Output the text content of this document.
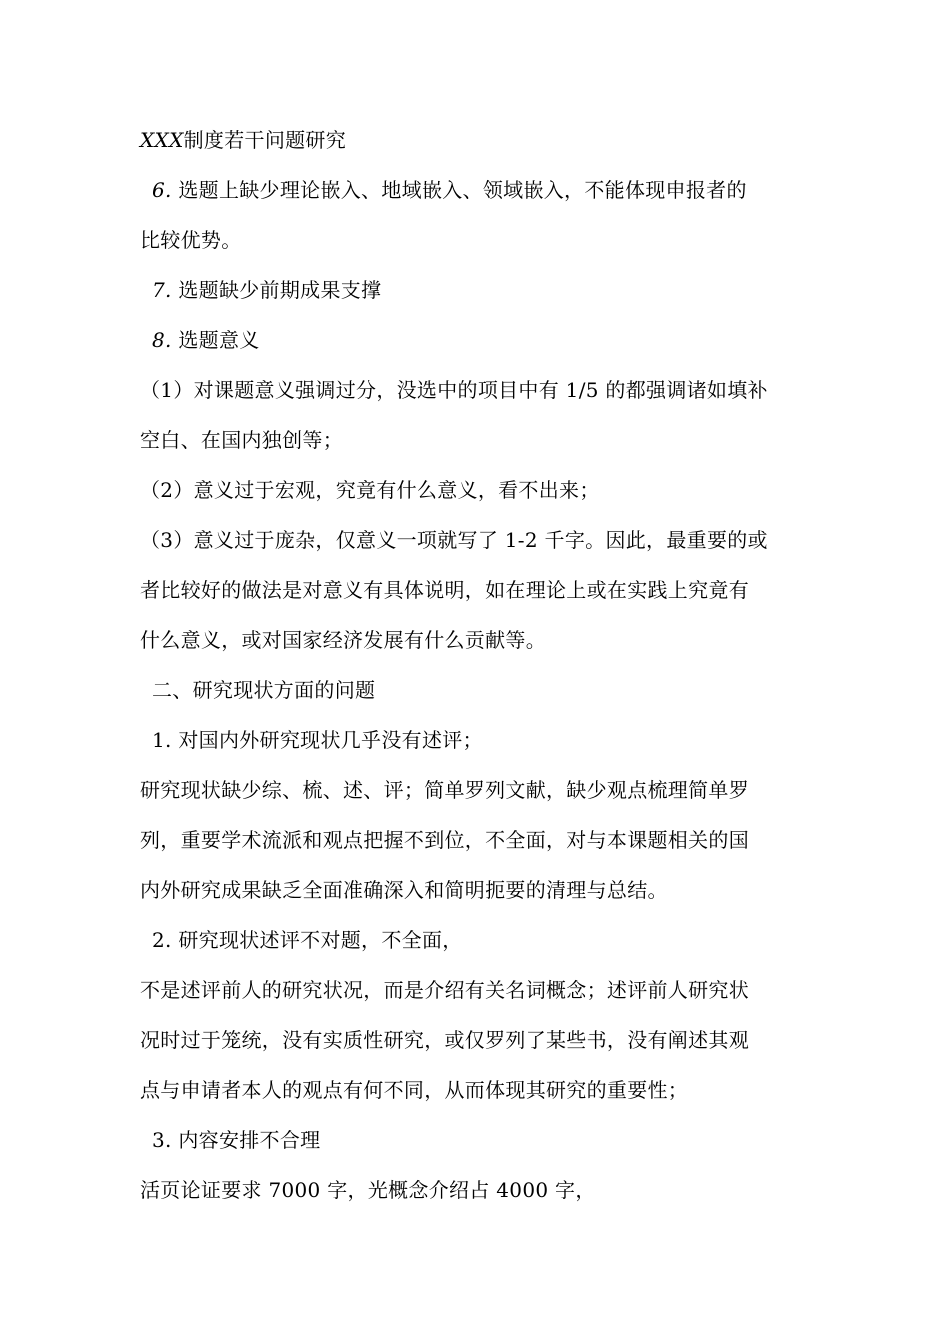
XXX制度若干问题研究
6. 选题上缺少理论嵌入、地域嵌入、领域嵌入，不能体现申报者的
比较优势。
7. 选题缺少前期成果支撑
8. 选题意义
（1）对课题意义强调过分，没选中的项目中有 1/5 的都强调诸如填补
空白、在国内独创等；
（2）意义过于宏观，究竟有什么意义，看不出来；
（3）意义过于庞杂，仅意义一项就写了 1-2 千字。因此，最重要的或
者比较好的做法是对意义有具体说明，如在理论上或在实践上究竟有
什么意义，或对国家经济发展有什么贡献等。
二、研究现状方面的问题
1. 对国内外研究现状几乎没有述评；
研究现状缺少综、梳、述、评；简单罗列文献，缺少观点梳理简单罗
列，重要学术流派和观点把握不到位，不全面，对与本课题相关的国
内外研究成果缺乏全面准确深入和简明扼要的清理与总结。
2. 研究现状述评不对题，不全面，
不是述评前人的研究状况，而是介绍有关名词概念；述评前人研究状
况时过于笼统，没有实质性研究，或仅罗列了某些书，没有阐述其观
点与申请者本人的观点有何不同，从而体现其研究的重要性；
3. 内容安排不合理
活页论证要求 7000 字，光概念介绍占 4000 字，
